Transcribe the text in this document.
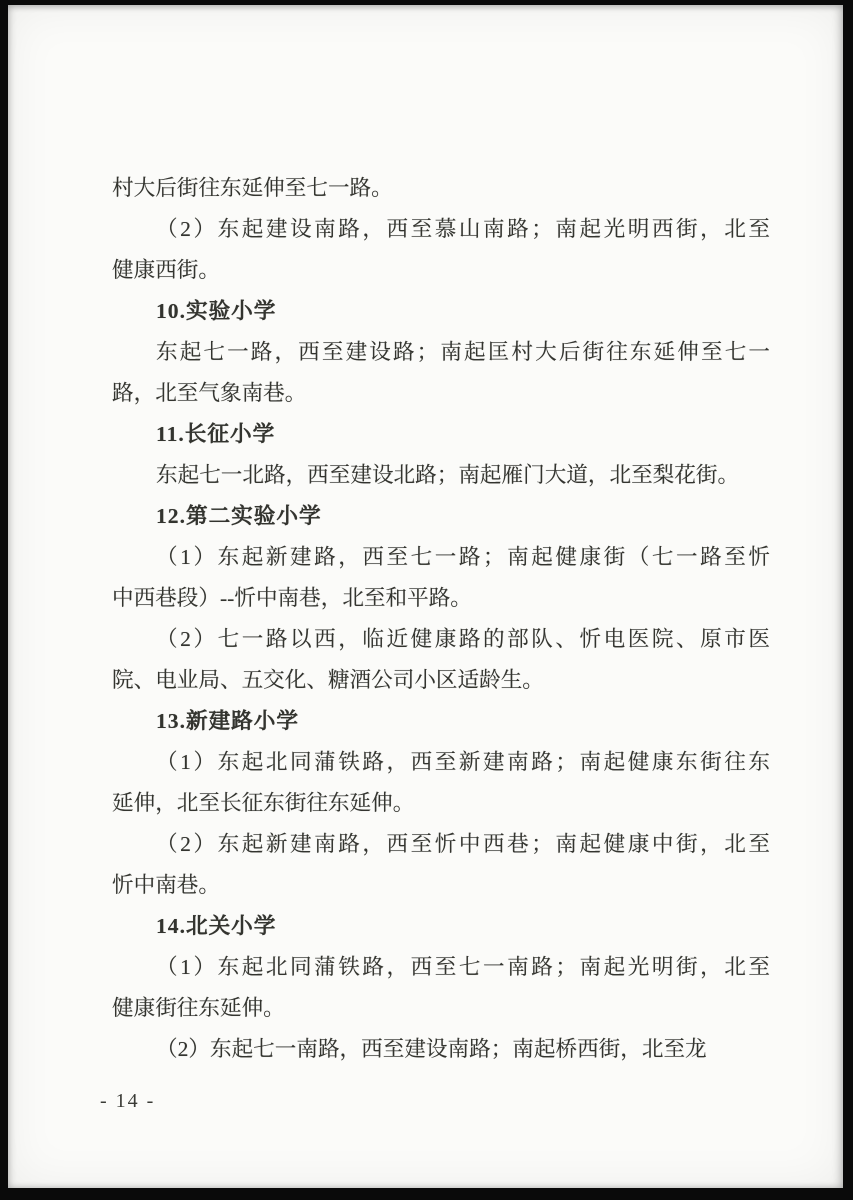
村大后街往东延伸至七一路。

（2）东起建设南路，西至慕山南路；南起光明西街，北至
健康西街。

10.实验小学

东起七一路，西至建设路；南起匡村大后街往东延伸至七一
路，北至气象南巷。

11.长征小学

东起七一北路，西至建设北路；南起雁门大道，北至梨花街。

12.第二实验小学

（1）东起新建路，西至七一路；南起健康街（七一路至忻
中西巷段）--忻中南巷，北至和平路。

（2）七一路以西，临近健康路的部队、忻电医院、原市医
院、电业局、五交化、糖酒公司小区适龄生。

13.新建路小学

（1）东起北同蒲铁路，西至新建南路；南起健康东街往东
延伸，北至长征东街往东延伸。

（2）东起新建南路，西至忻中西巷；南起健康中街，北至
忻中南巷。

14.北关小学

（1）东起北同蒲铁路，西至七一南路；南起光明街，北至
健康街往东延伸。

（2）东起七一南路，西至建设南路；南起桥西街，北至龙

- 14 -
